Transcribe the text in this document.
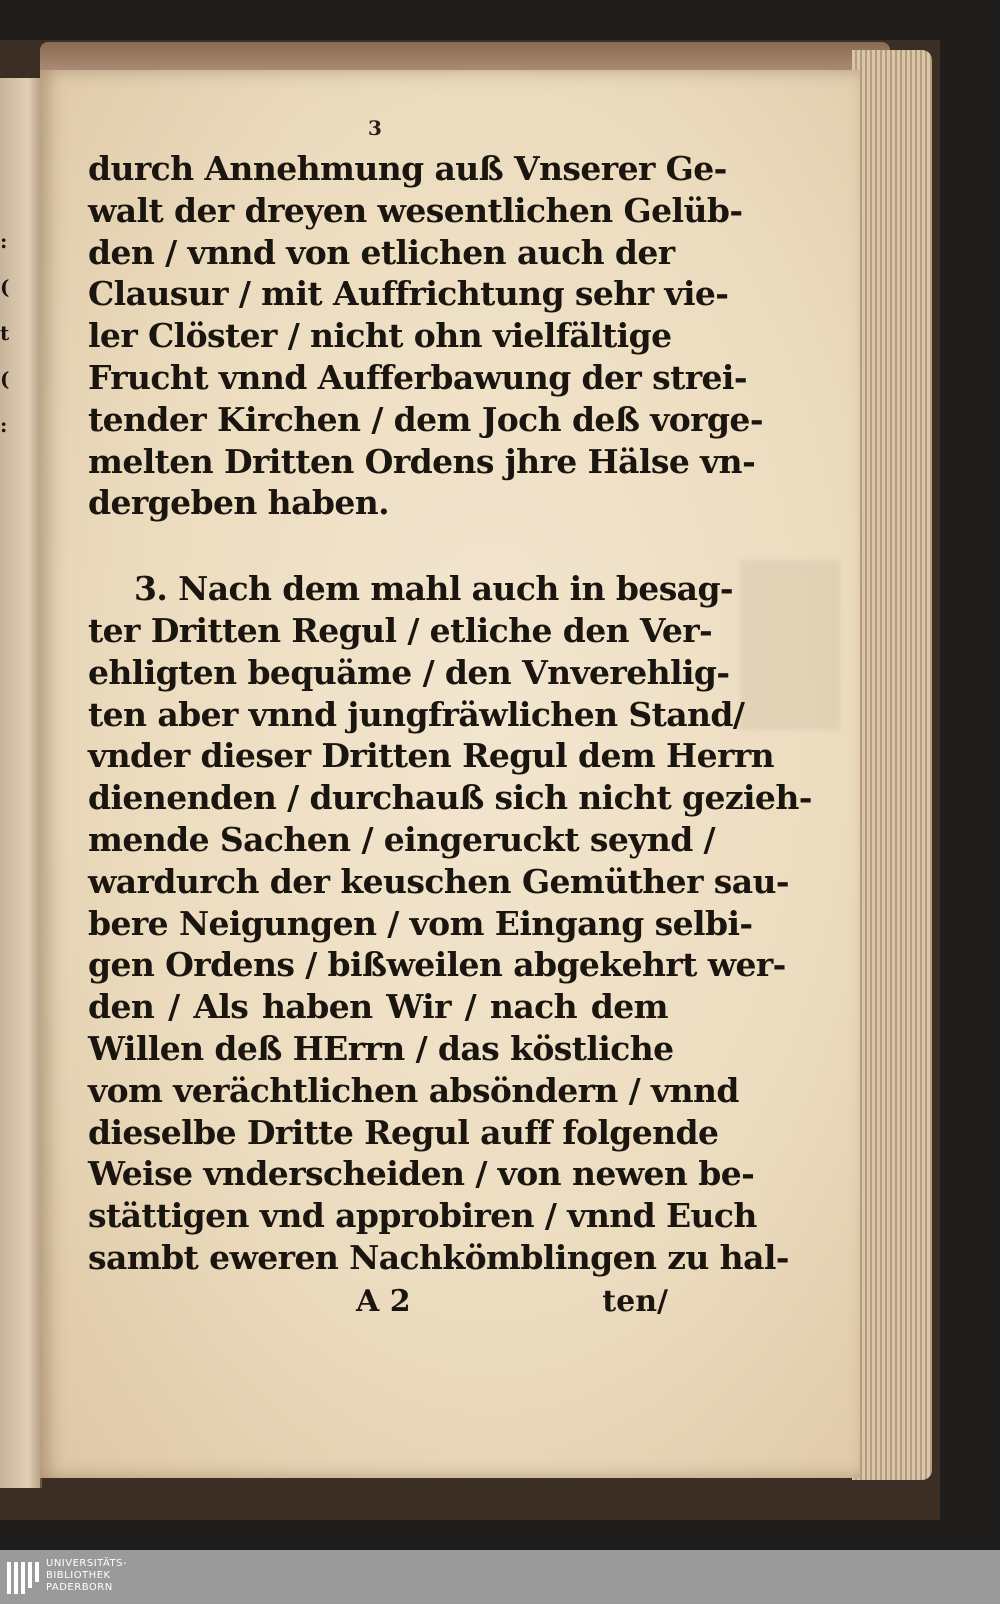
:
(
t
(
:
3
durch Annehmung auß Vnserer Ge-
walt der dreyen wesentlichen Gelüb-
den / vnnd von etlichen auch der
Clausur / mit Auffrichtung sehr vie-
ler Clöster / nicht ohn vielfältige
Frucht vnnd Aufferbawung der strei-
tender Kirchen / dem Joch deß vorge-
melten Dritten Ordens jhre Hälse vn-
dergeben haben.
3. Nach dem mahl auch in besag-
ter Dritten Regul / etliche den Ver-
ehligten bequäme / den Vnverehlig-
ten aber vnnd jungfräwlichen Stand/
vnder dieser Dritten Regul dem Herrn
dienenden / durchauß sich nicht gezieh-
mende Sachen / eingeruckt seynd /
wardurch der keuschen Gemüther sau-
bere Neigungen / vom Eingang selbi-
gen Ordens / bißweilen abgekehrt wer-
den / Als haben Wir / nach dem
Willen deß HErrn / das köstliche
vom verächtlichen absöndern / vnnd
dieselbe Dritte Regul auff folgende
Weise vnderscheiden / von newen be-
stättigen vnd approbiren / vnnd Euch
sambt eweren Nachkömblingen zu hal-
A 2	ten/
UNIVERSITÄTS-
BIBLIOTHEK
PADERBORN
